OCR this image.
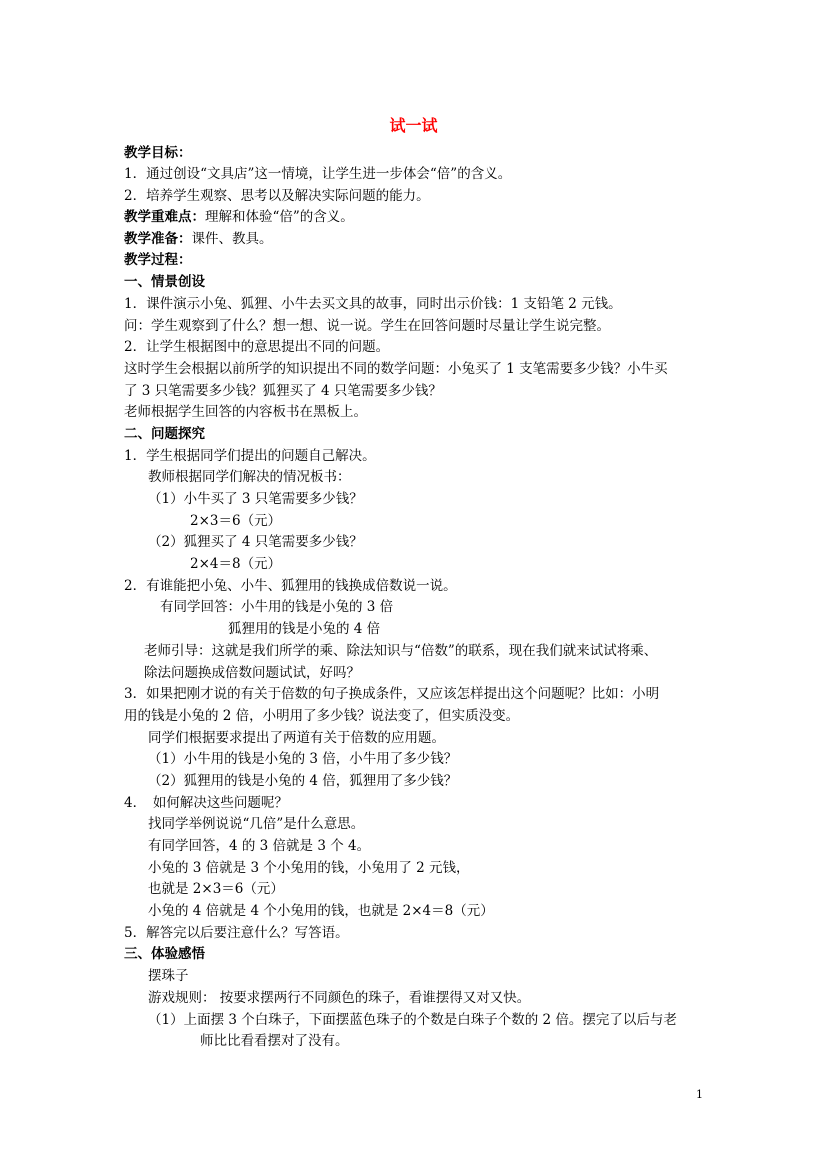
试一试
教学目标：
1．通过创设“文具店”这一情境，让学生进一步体会“倍”的含义。
2．培养学生观察、思考以及解决实际问题的能力。
教学重难点：理解和体验“倍”的含义。
教学准备：课件、教具。
教学过程：
一、情景创设
1．课件演示小兔、狐狸、小牛去买文具的故事，同时出示价钱：1 支铅笔 2 元钱。
问：学生观察到了什么？想一想、说一说。学生在回答问题时尽量让学生说完整。
2．让学生根据图中的意思提出不同的问题。
这时学生会根据以前所学的知识提出不同的数学问题：小兔买了 1 支笔需要多少钱？小牛买
了 3 只笔需要多少钱？狐狸买了 4 只笔需要多少钱？
老师根据学生回答的内容板书在黑板上。
二、问题探究
1．学生根据同学们提出的问题自己解决。
教师根据同学们解决的情况板书：
（1）小牛买了 3 只笔需要多少钱？
2×3＝6（元）
（2）狐狸买了 4 只笔需要多少钱？
2×4＝8（元）
2．有谁能把小兔、小牛、狐狸用的钱换成倍数说一说。
有同学回答：小牛用的钱是小兔的 3 倍
狐狸用的钱是小兔的 4 倍
老师引导：这就是我们所学的乘、除法知识与“倍数”的联系，现在我们就来试试将乘、
除法问题换成倍数问题试试，好吗？
3．如果把刚才说的有关于倍数的句子换成条件，又应该怎样提出这个问题呢？比如：小明
用的钱是小兔的 2 倍，小明用了多少钱？说法变了，但实质没变。
同学们根据要求提出了两道有关于倍数的应用题。
（1）小牛用的钱是小兔的 3 倍，小牛用了多少钱？
（2）狐狸用的钱是小兔的 4 倍，狐狸用了多少钱？
4．　如何解决这些问题呢？
找同学举例说说“几倍”是什么意思。
有同学回答，4 的 3 倍就是 3 个 4。
小兔的 3 倍就是 3 个小兔用的钱，小兔用了 2 元钱，
也就是 2×3＝6（元）
小兔的 4 倍就是 4 个小兔用的钱，也就是 2×4＝8（元）
5．解答完以后要注意什么？写答语。
三、体验感悟
摆珠子
游戏规则： 按要求摆两行不同颜色的珠子，看谁摆得又对又快。
（1）上面摆 3 个白珠子，下面摆蓝色珠子的个数是白珠子个数的 2 倍。摆完了以后与老
师比比看看摆对了没有。
1
